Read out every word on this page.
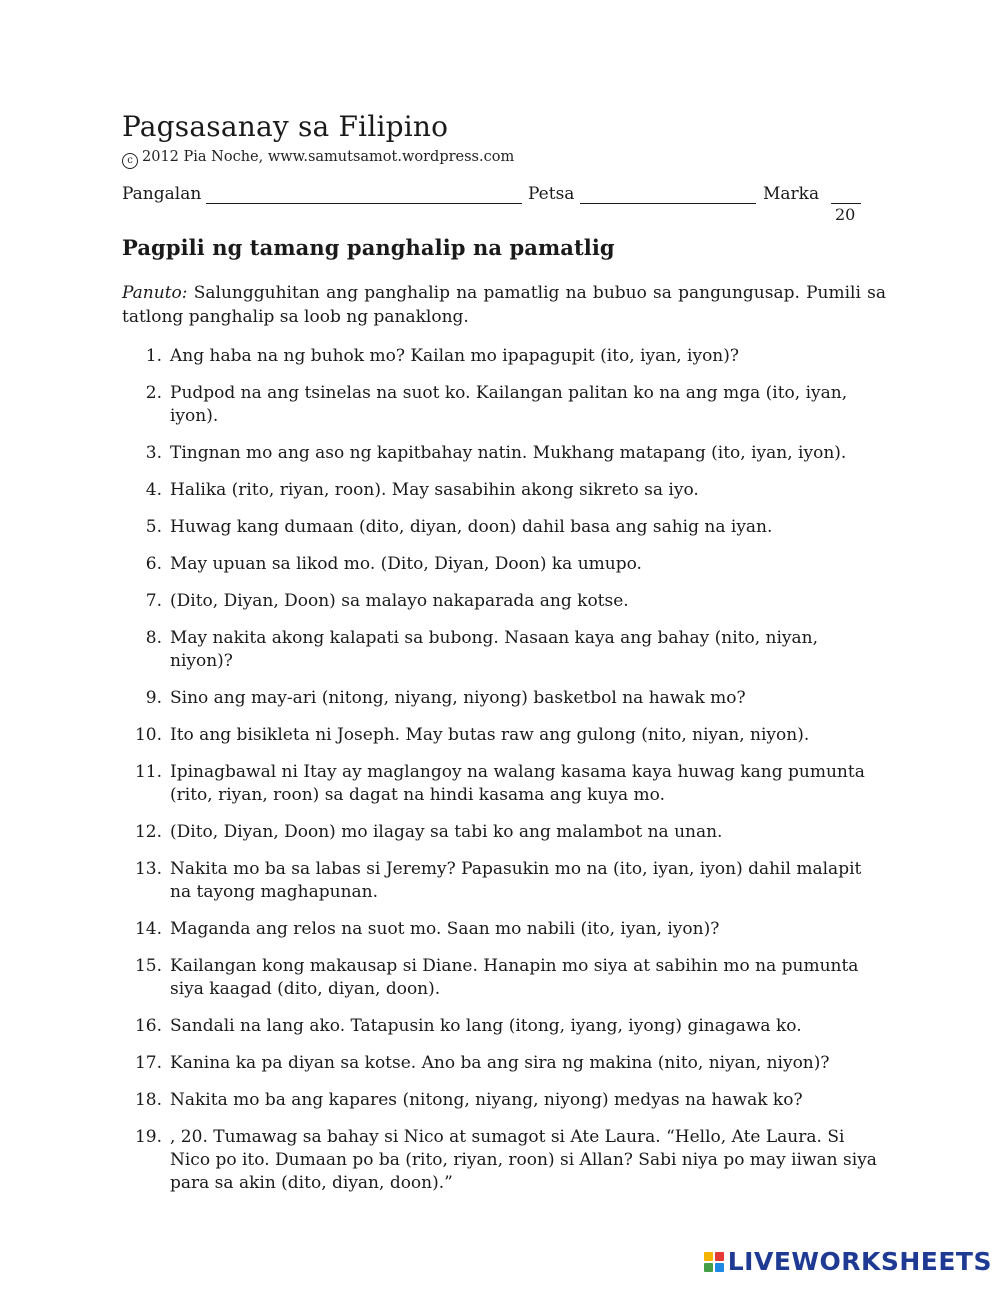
Pagsasanay sa Filipino
c 2012 Pia Noche, www.samutsamot.wordpress.com
Pangalan	Petsa	Marka
20
Pagpili ng tamang panghalip na pamatlig
Panuto: Salungguhitan ang panghalip na pamatlig na bubuo sa pangungusap. Pumili sa tatlong panghalip sa loob ng panaklong.
1. Ang haba na ng buhok mo? Kailan mo ipapagupit (ito, iyan, iyon)?
2. Pudpod na ang tsinelas na suot ko. Kailangan palitan ko na ang mga (ito, iyan, iyon).
3. Tingnan mo ang aso ng kapitbahay natin. Mukhang matapang (ito, iyan, iyon).
4. Halika (rito, riyan, roon). May sasabihin akong sikreto sa iyo.
5. Huwag kang dumaan (dito, diyan, doon) dahil basa ang sahig na iyan.
6. May upuan sa likod mo. (Dito, Diyan, Doon) ka umupo.
7. (Dito, Diyan, Doon) sa malayo nakaparada ang kotse.
8. May nakita akong kalapati sa bubong. Nasaan kaya ang bahay (nito, niyan, niyon)?
9. Sino ang may-ari (nitong, niyang, niyong) basketbol na hawak mo?
10. Ito ang bisikleta ni Joseph. May butas raw ang gulong (nito, niyan, niyon).
11. Ipinagbawal ni Itay ay maglangoy na walang kasama kaya huwag kang pumunta (rito, riyan, roon) sa dagat na hindi kasama ang kuya mo.
12. (Dito, Diyan, Doon) mo ilagay sa tabi ko ang malambot na unan.
13. Nakita mo ba sa labas si Jeremy? Papasukin mo na (ito, iyan, iyon) dahil malapit na tayong maghapunan.
14. Maganda ang relos na suot mo. Saan mo nabili (ito, iyan, iyon)?
15. Kailangan kong makausap si Diane. Hanapin mo siya at sabihin mo na pumunta siya kaagad (dito, diyan, doon).
16. Sandali na lang ako. Tatapusin ko lang (itong, iyang, iyong) ginagawa ko.
17. Kanina ka pa diyan sa kotse. Ano ba ang sira ng makina (nito, niyan, niyon)?
18. Nakita mo ba ang kapares (nitong, niyang, niyong) medyas na hawak ko?
19. , 20. Tumawag sa bahay si Nico at sumagot si Ate Laura. “Hello, Ate Laura. Si Nico po ito. Dumaan po ba (rito, riyan, roon) si Allan? Sabi niya po may iiwan siya para sa akin (dito, diyan, doon).”
LIVEWORKSHEETS
